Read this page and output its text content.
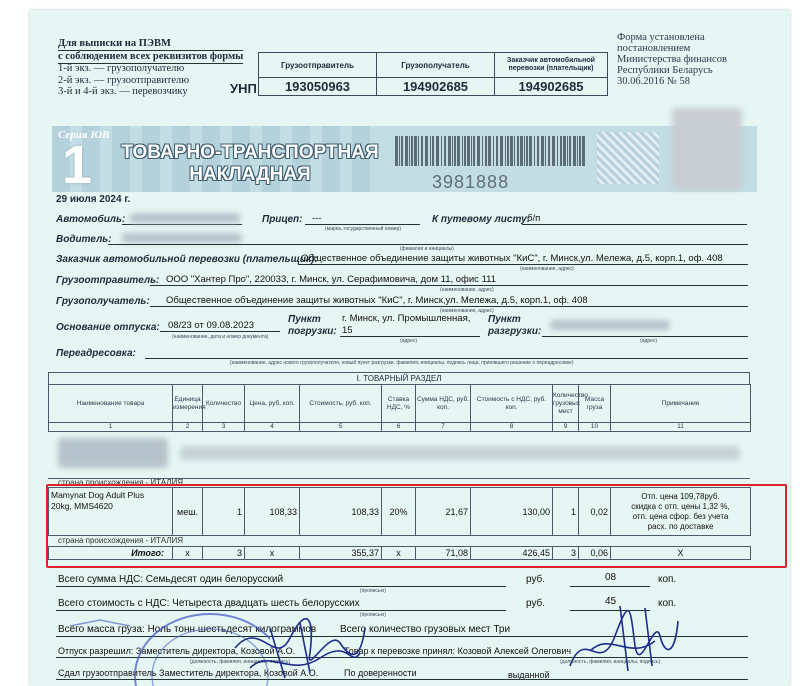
Для выписки на ПЭВМ
с соблюдением всех реквизитов формы
1-й экз. — грузополучателю
2-й экз. — грузоотправителю
3-й и 4-й экз. — перевозчику	УНП
Грузоотправитель	Грузополучатель	Заказчик автомобильной
перевозки (плательщик)

193050963	194902685	194902685
Форма установлена
постановлением
Министерства финансов
Республики Беларусь
30.06.2016 № 58
Серия ЮВ
1 ТОВАРНО-ТРАНСПОРТНАЯ
НАКЛАДНАЯ
29 июля 2024 г.
3981888
Автомобиль:	Прицеп: ---
(марка, государственный номер)
К путевому листу:
б/п
Водитель:
(фамилия и инициалы)
Заказчик автомобильной перевозки (плательщик):
Общественное объединение защиты животных "КиС", г. Минск,ул. Мележа, д.5, корп.1, оф. 408
(наименование, адрес)
Грузоотправитель: ООО "Хантер Про", 220033, г. Минск, ул. Серафимовича, дом 11, офис 111
(наименование, адрес)
Грузополучатель: Общественное объединение защиты животных "КиС", г. Минск,ул. Мележа, д.5, корп.1, оф. 408
(наименование, адрес)
Основание отпуска: 08/23 от 09.08.2023
(наименование, дата и номер документа)
Пункт
погрузки:
г. Минск, ул. Промышленная,
15
(адрес)
Пункт
разгрузки:
(адрес)
Переадресовка:
(наименование, адрес нового грузополучателя, новый пункт разгрузки, фамилия, инициалы, подпись лица, принявшего решение о переадресовке)
I. ТОВАРНЫЙ РАЗДЕЛ
Наименование товара	Единица измерения	Количество	Цена, руб. коп.	Стоимость, руб. коп.	Ставка НДС, %	Сумма НДС, руб. коп.	Стоимость с НДС, руб. коп.	Количество грузовых мест	Масса груза	Примечание
1	2	3	4	5	6	7	8	9	10	11
страна происхождения - ИТАЛИЯ
Mamynat Dog Adult Plus
20kg, MMS4620
	меш.	1	108,33	108,33	20%	21,67	130,00	1	0,02	
Отп. цена 109,78руб.
скидка с отп. цены 1,32 %,
отп. цена сфор. без учета
расх. по доставке
страна происхождения - ИТАЛИЯ
Итого:	х	3	х	355,37	х	71,08	426,45	3	0,06	Х
Всего сумма НДС: Семьдесят один белорусский
(прописью)
руб.	08	коп.
Всего стоимость с НДС: Четыреста двадцать шесть белорусских
(прописью)
руб.	45	коп.
Всего масса груза: Ноль тонн шестьдесят килограммов Всего количество грузовых мест Три
Отпуск разрешил: Заместитель директора, Козовой А.О.	Товар к перевозке принял: Козовой Алексей Олегович
(должность, фамилия, инициалы, подпись)	(должность, фамилия, инициалы, подпись)
Сдал грузоотправитель Заместитель директора, Козовой А.О.	По доверенности	выданной
